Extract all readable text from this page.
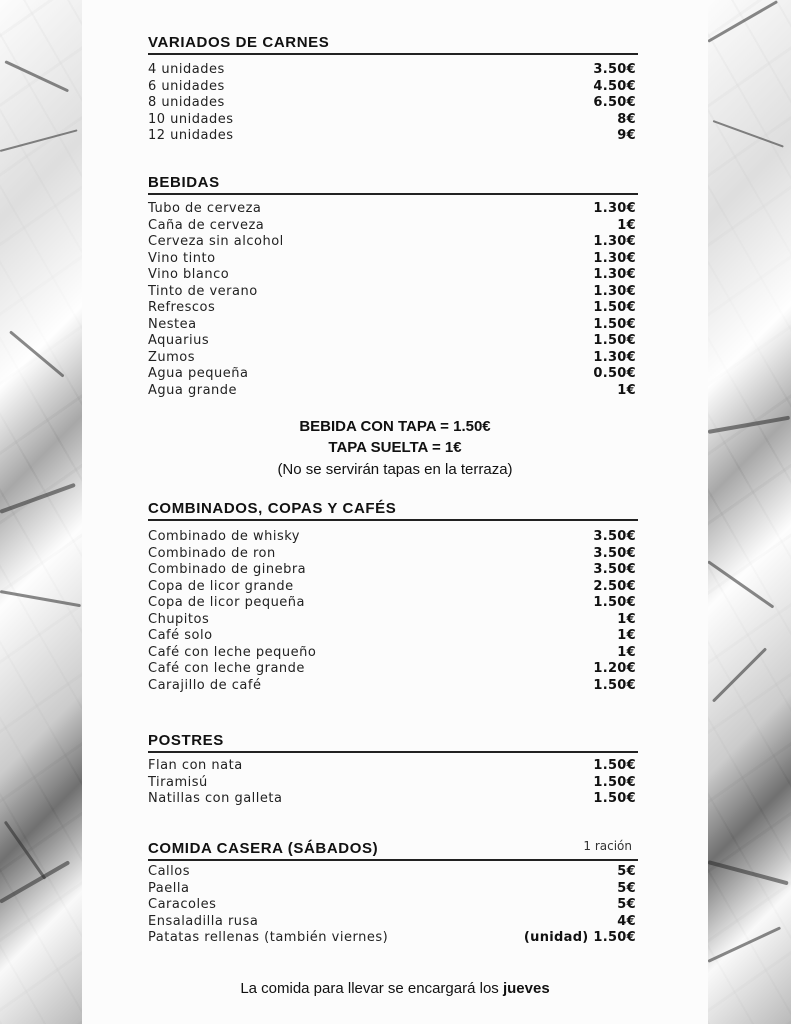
VARIADOS DE CARNES
4 unidades	3.50€
6 unidades	4.50€
8 unidades	6.50€
10 unidades	8€
12 unidades	9€
BEBIDAS
Tubo de cerveza	1.30€
Caña de cerveza	1€
Cerveza sin alcohol	1.30€
Vino tinto	1.30€
Vino blanco	1.30€
Tinto de verano	1.30€
Refrescos	1.50€
Nestea	1.50€
Aquarius	1.50€
Zumos	1.30€
Agua pequeña	0.50€
Agua grande	1€
BEBIDA CON TAPA = 1.50€
TAPA SUELTA = 1€
(No se servirán tapas en la terraza)
COMBINADOS, COPAS Y CAFÉS
Combinado de whisky	3.50€
Combinado de ron	3.50€
Combinado de ginebra	3.50€
Copa de licor grande	2.50€
Copa de licor pequeña	1.50€
Chupitos	1€
Café solo	1€
Café con leche pequeño	1€
Café con leche grande	1.20€
Carajillo de café	1.50€
POSTRES
Flan con nata	1.50€
Tiramisú	1.50€
Natillas con galleta	1.50€
COMIDA CASERA (SÁBADOS)	1 ración
Callos	5€
Paella	5€
Caracoles	5€
Ensaladilla rusa	4€
Patatas rellenas (también viernes)	(unidad) 1.50€
La comida para llevar se encargará los jueves
